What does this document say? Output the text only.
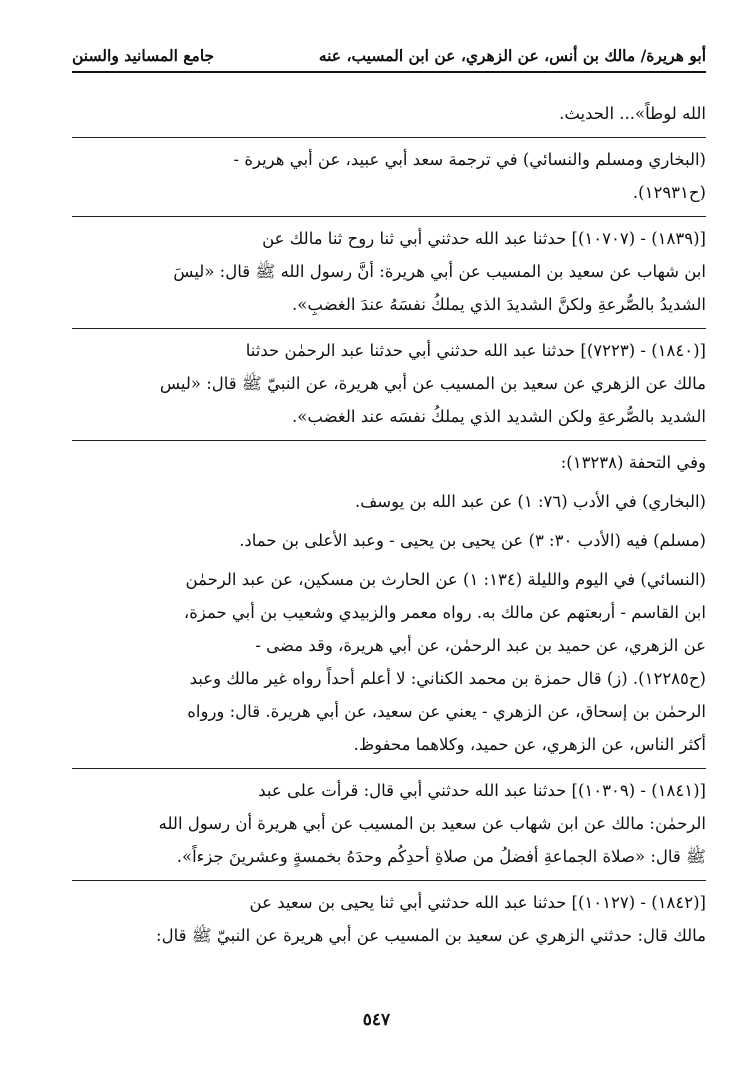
أبو هريرة/ مالك بن أنس، عن الزهري، عن ابن المسيب، عنه
جامع المسانيد والسنن
الله لوطاً»... الحديث.
(البخاري ومسلم والنسائي) في ترجمة سعد أبي عبيد، عن أبي هريرة -
(ح١٢٩٣١).
[(١٨٣٩) - (١٠٧٠٧)] حدثنا عبد الله حدثني أبي ثنا روح ثنا مالك عن
ابن شهاب عن سعيد بن المسيب عن أبي هريرة: أنَّ رسول الله ﷺ قال: «ليسَ
الشديدُ بالصُّرعةِ ولكنَّ الشديدَ الذي يملكُ نفسَهُ عندَ الغضبِ».
[(١٨٤٠) - (٧٢٢٣)] حدثنا عبد الله حدثني أبي حدثنا عبد الرحمٰن حدثنا
مالك عن الزهري عن سعيد بن المسيب عن أبي هريرة، عن النبيّ ﷺ قال: «ليس
الشديد بالصُّرعةِ ولكن الشديد الذي يملكُ نفسَه عند الغضب».
وفي التحفة (١٣٢٣٨):
(البخاري) في الأدب (٧٦: ١) عن عبد الله بن يوسف.
(مسلم) فيه (الأدب ٣٠: ٣) عن يحيى بن يحيى - وعبد الأعلى بن حماد.
(النسائي) في اليوم والليلة (١٣٤: ١) عن الحارث بن مسكين، عن عبد الرحمٰن
ابن القاسم - أربعتهم عن مالك به. رواه معمر والزبيدي وشعيب بن أبي حمزة،
عن الزهري، عن حميد بن عبد الرحمٰن، عن أبي هريرة، وقد مضى -
(ح١٢٢٨٥). (ز) قال حمزة بن محمد الكناني: لا أعلم أحداً رواه غير مالك وعبد
الرحمٰن بن إسحاق، عن الزهري - يعني عن سعيد، عن أبي هريرة. قال: ورواه
أكثر الناس، عن الزهري، عن حميد، وكلاهما محفوظ.
[(١٨٤١) - (١٠٣٠٩)] حدثنا عبد الله حدثني أبي قال: قرأت على عبد
الرحمٰن: مالك عن ابن شهاب عن سعيد بن المسيب عن أبي هريرة أن رسول الله
ﷺ قال: «صلاة الجماعةِ أفضلُ من صلاةِ أحدِكُم وحدَهُ بخمسةٍ وعشرينَ جزءاً».
[(١٨٤٢) - (١٠١٢٧)] حدثنا عبد الله حدثني أبي ثنا يحيى بن سعيد عن
مالك قال: حدثني الزهري عن سعيد بن المسيب عن أبي هريرة عن النبيّ ﷺ قال:
٥٤٧
